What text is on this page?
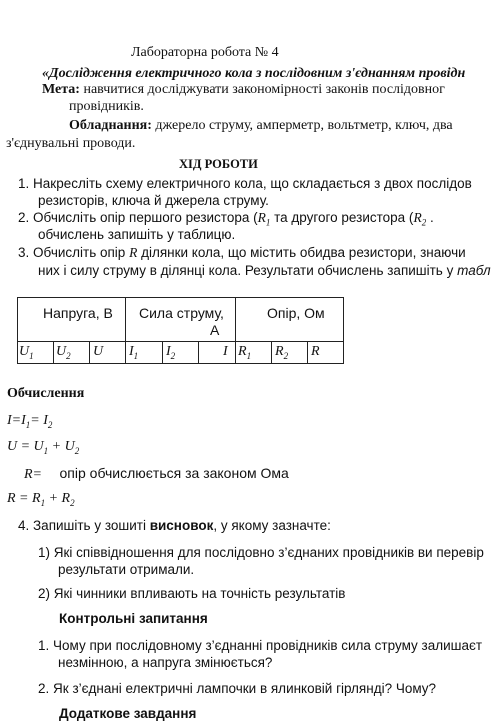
Лабораторна робота № 4
«Дослідження електричного кола з послідовним з'єднанням провідн
Мета: навчитися досліджувати закономірності законів послідовног
провідників.
Обладнання: джерело струму, амперметр, вольтметр, ключ, два
з'єднувальні проводи.
ХІД РОБОТИ
1. Накресліть схему електричного кола, що складається з двох послідов
резисторів, ключа й джерела струму.
2. Обчисліть опір першого резистора ($R_1$ та другого резистора ($R_2$ .
обчислень запишіть у таблицю.
3. Обчисліть опір R ділянки кола, що містить обидва резистори, знаючи
них і силу струму в ділянці кола. Результати обчислень запишіть у табл
Напруга, В Сила струму,
А
Опір, Ом
$U_1$ $U_2$ U $I_1$ $I_2$	I $R_1$ $R_2$ R
Обчислення
$I=I_1= I_2$
$U = U_1 + U_2$
R= опір обчислюється за законом Ома
$R = R_1 + R_2$
4. Запишіть у зошиті висновок, у якому зазначте:
1) Які співвідношення для послідовно з’єднаних провідників ви перевір
результати отримали.
2) Які чинники впливають на точність результатів
Контрольні запитання
1. Чому при послідовному з’єднанні провідників сила струму залишаєт
незмінною, а напруга змінюється?
2. Як з’єднані електричні лампочки в ялинковій гірлянді? Чому?
Додаткове завдання
